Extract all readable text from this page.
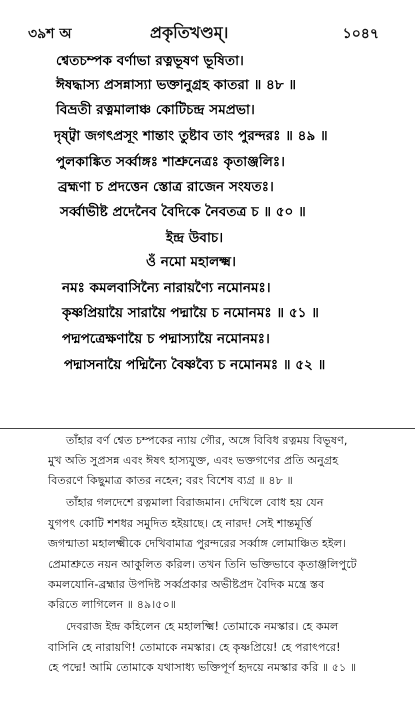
৩৯শ অ	প্রকৃতিখণ্ডম্।	১০৪৭
শ্বেতচম্পক বর্ণাভা রত্নভূষণ ভূষিতা।
ঈষদ্ধাস্য প্রসন্নাস্যা ভক্তানুগ্রহ কাতরা ॥ ৪৮ ॥
বিভ্রতী রত্নমালাঞ্চ কোটিচন্দ্র সমপ্রভা।
দৃষ্ট্বা জগৎপ্রসূং শান্তাং তুষ্টাব তাং পুরন্দরঃ ॥ ৪৯ ॥
পুলকাঙ্কিত সর্ব্বাঙ্গঃ শাশ্রুনেত্রঃ কৃতাঞ্জলিঃ।
ব্রহ্মণা চ প্রদত্তেন স্তোত্র রাজেন সংযতঃ।
সর্ব্বাভীষ্ট প্রদেনৈব বৈদিকে নৈবতত্র চ ॥ ৫০ ॥
ইন্দ্র উবাচ।
ওঁ নমো মহালক্ষ্ম।
নমঃ কমলবাসিন্যৈ নারায়ণ্যৈ নমোনমঃ।
কৃষ্ণপ্রিয়ায়ৈ সারায়ৈ পদ্মায়ৈ চ নমোনমঃ ॥ ৫১ ॥
পদ্মপত্রেক্ষণায়ৈ চ পদ্মাস্যায়ৈ নমোনমঃ।
পদ্মাসনায়ৈ পদ্মিন্যৈ বৈষ্ণব্যৈ চ নমোনমঃ ॥ ৫২ ॥
তাঁহার বর্ণ শ্বেত চম্পকের ন্যায় গৌর, অঙ্গে বিবিধ রত্নময় বিভূষণ,
মুখ অতি সুপ্রসন্ন এবং ঈষৎ হাস্যযুক্ত, এবং ভক্তগণের প্রতি অনুগ্রহ
বিতরণে কিছুমাত্র কাতর নহেন; বরং বিশেষ ব্যগ্র ॥ ৪৮ ॥
তাঁহার গলদেশে রত্নমালা বিরাজমান। দেখিলে বোধ হয় যেন
যুগপৎ কোটি শশধর সমুদিত হইয়াছে। হে নারদ! সেই শান্তমূর্ত্তি
জগন্মাতা মহালক্ষ্মীকে দেখিবামাত্র পুরন্দরের সর্ব্বাঙ্গ লোমাঞ্চিত হইল।
প্রেমাশ্রুতে নয়ন আকুলিত করিল। তখন তিনি ভক্তিভাবে কৃতাঞ্জলিপুটে
কমলযোনি-ব্রহ্মার উপদিষ্ট সর্ব্বপ্রকার অভীষ্টপ্রদ বৈদিক মন্ত্রে স্তব
করিতে লাগিলেন ॥ ৪৯।৫০॥
দেবরাজ ইন্দ্র কহিলেন হে মহালক্ষ্মি! তোমাকে নমস্কার। হে কমল
বাসিনি হে নারায়ণি! তোমাকে নমস্কার। হে কৃষ্ণপ্রিয়ে! হে পরাৎপরে!
হে পদ্মে! আমি তোমাকে যথাসাধ্য ভক্তিপূর্ণ হৃদয়ে নমস্কার করি ॥ ৫১ ॥
